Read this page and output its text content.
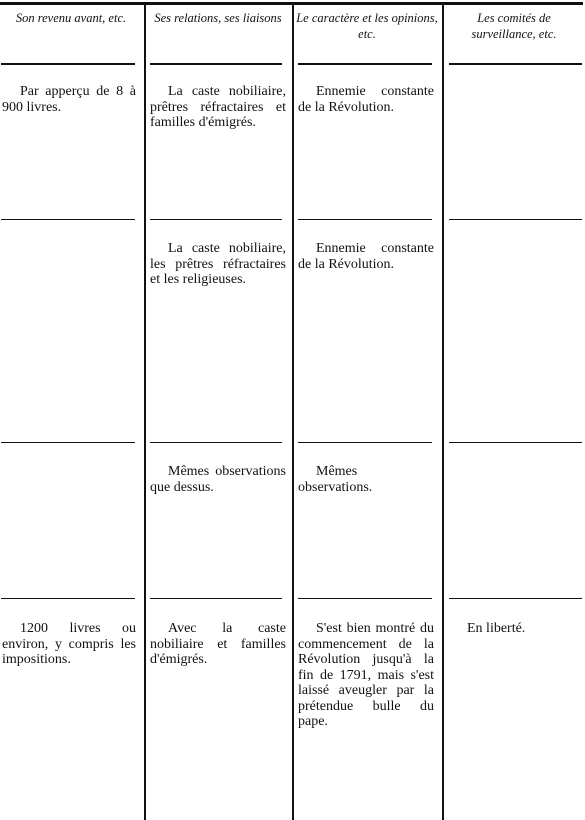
Son revenu avant, etc.	Ses relations, ses liaisons	Le caractère et les opinions, etc.
Les comités de surveillance, etc.
Par apperçu de 8 à 900 livres.
La caste nobiliaire, prêtres réfractaires et familles d'émigrés.
Ennemie constante de la Révolution.
La caste nobiliaire, les prêtres réfractaires et les religieuses.
Ennemie constante de la Révolution.
Mêmes observations que dessus.
Mêmes observations.
1200 livres ou environ, y compris les impositions.
Avec la caste nobiliaire et familles d'émigrés.
S'est bien montré du commencement de la Révolution jusqu'à la fin de 1791, mais s'est laissé aveugler par la prétendue bulle du pape.
En liberté.
